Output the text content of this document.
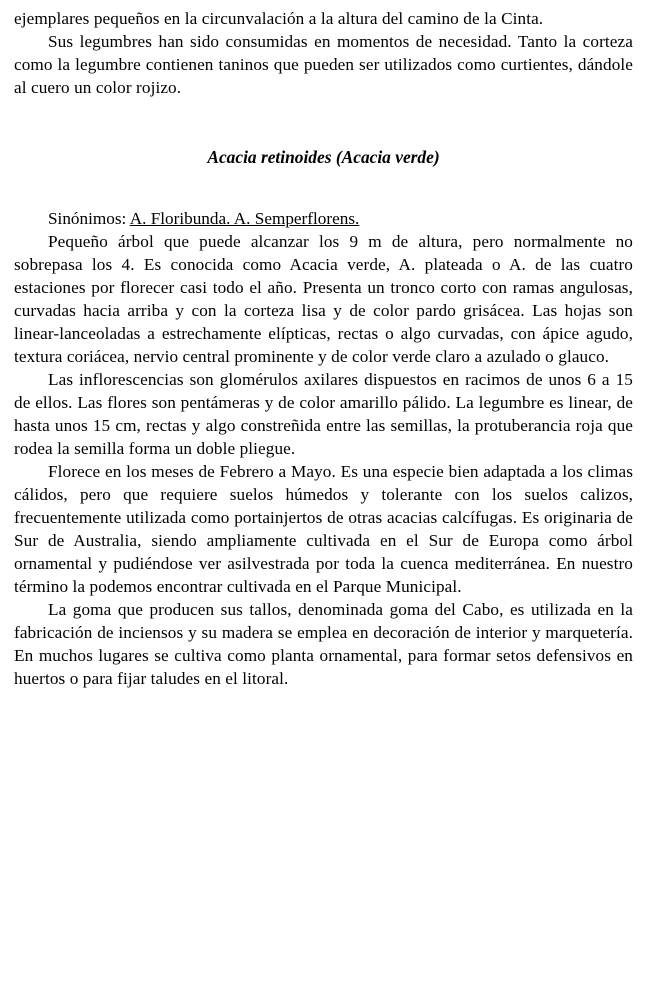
ejemplares pequeños en la circunvalación a la altura del camino de la Cinta.

Sus legumbres han sido consumidas en momentos de necesidad. Tanto la corteza como la legumbre contienen taninos que pueden ser utilizados como curtientes, dándole al cuero un color rojizo.

Acacia retinoides (Acacia verde)

Sinónimos: A. Floribunda. A. Semperflorens.

Pequeño árbol que puede alcanzar los 9 m de altura, pero normalmente no sobrepasa los 4. Es conocida como Acacia verde, A. plateada o A. de las cuatro estaciones por florecer casi todo el año. Presenta un tronco corto con ramas angulosas, curvadas hacia arriba y con la corteza lisa y de color pardo grisácea. Las hojas son linear-lanceoladas a estrechamente elípticas, rectas o algo curvadas, con ápice agudo, textura coriácea, nervio central prominente y de color verde claro a azulado o glauco.

Las inflorescencias son glomérulos axilares dispuestos en racimos de unos 6 a 15 de ellos. Las flores son pentámeras y de color amarillo pálido. La legumbre es linear, de hasta unos 15 cm, rectas y algo constreñida entre las semillas, la protuberancia roja que rodea la semilla forma un doble pliegue.

Florece en los meses de Febrero a Mayo. Es una especie bien adaptada a los climas cálidos, pero que requiere suelos húmedos y tolerante con los suelos calizos, frecuentemente utilizada como portainjertos de otras acacias calcífugas. Es originaria de Sur de Australia, siendo ampliamente cultivada en el Sur de Europa como árbol ornamental y pudiéndose ver asilvestrada por toda la cuenca mediterránea. En nuestro término la podemos encontrar cultivada en el Parque Municipal.

La goma que producen sus tallos, denominada goma del Cabo, es utilizada en la fabricación de inciensos y su madera se emplea en decoración de interior y marquetería. En muchos lugares se cultiva como planta ornamental, para formar setos defensivos en huertos o para fijar taludes en el litoral.
